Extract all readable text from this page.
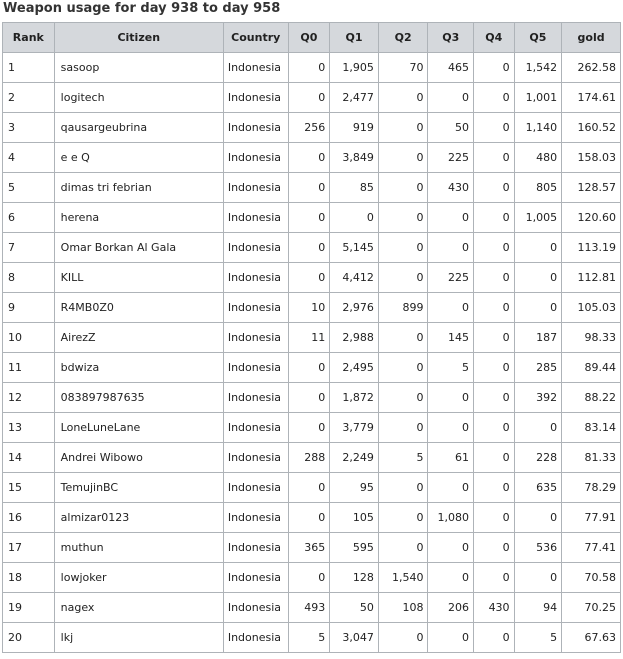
Weapon usage for day 938 to day 958
Rank	Citizen	Country	Q0	Q1	Q2	Q3	Q4	Q5	gold
1	sasoop	Indonesia	0	1,905	70	465	0	1,542	262.58
2	logitech	Indonesia	0	2,477	0	0	0	1,001	174.61
3	qausargeubrina	Indonesia	256	919	0	50	0	1,140	160.52
4	e e Q	Indonesia	0	3,849	0	225	0	480	158.03
5	dimas tri febrian	Indonesia	0	85	0	430	0	805	128.57
6	herena	Indonesia	0	0	0	0	0	1,005	120.60
7	Omar Borkan Al Gala	Indonesia	0	5,145	0	0	0	0	113.19
8	KILL	Indonesia	0	4,412	0	225	0	0	112.81
9	R4MB0Z0	Indonesia	10	2,976	899	0	0	0	105.03
10	AirezZ	Indonesia	11	2,988	0	145	0	187	98.33
11	bdwiza	Indonesia	0	2,495	0	5	0	285	89.44
12	083897987635	Indonesia	0	1,872	0	0	0	392	88.22
13	LoneLuneLane	Indonesia	0	3,779	0	0	0	0	83.14
14	Andrei Wibowo	Indonesia	288	2,249	5	61	0	228	81.33
15	TemujinBC	Indonesia	0	95	0	0	0	635	78.29
16	almizar0123	Indonesia	0	105	0	1,080	0	0	77.91
17	muthun	Indonesia	365	595	0	0	0	536	77.41
18	lowjoker	Indonesia	0	128	1,540	0	0	0	70.58
19	nagex	Indonesia	493	50	108	206	430	94	70.25
20	lkj	Indonesia	5	3,047	0	0	0	5	67.63
